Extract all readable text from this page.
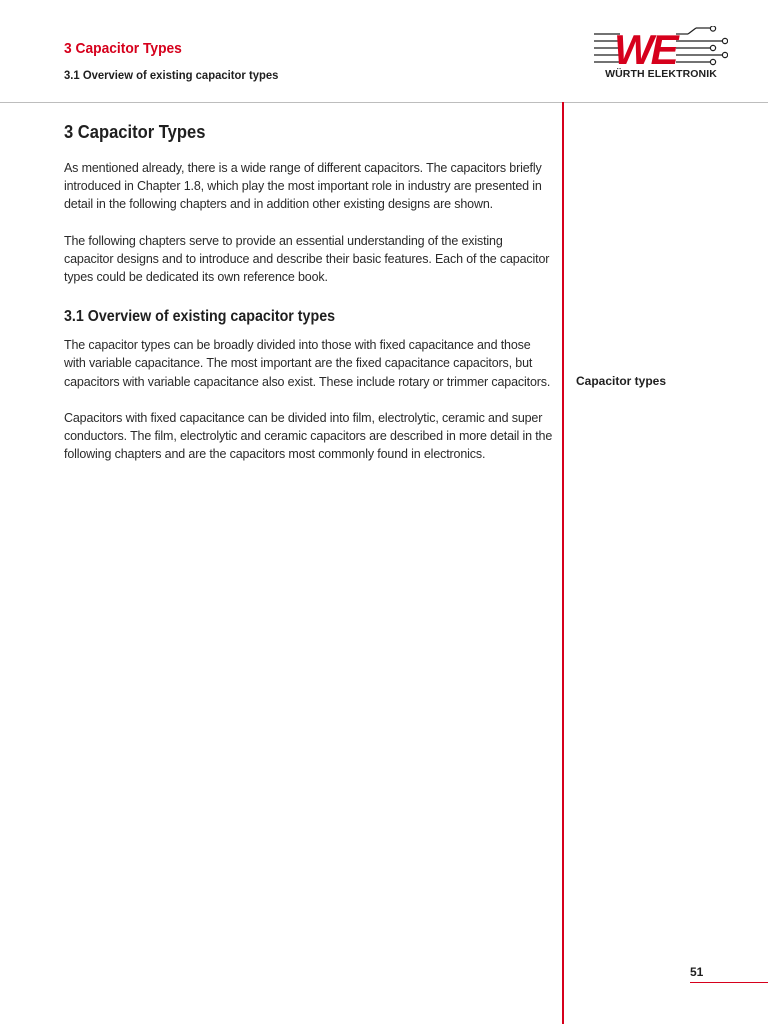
3 Capacitor Types
3.1 Overview of existing capacitor types
WE
WÜRTH ELEKTRONIK
3 Capacitor Types

As mentioned already, there is a wide range of different capacitors. The capacitors briefly introduced in Chapter 1.8, which play the most important role in industry are presented in detail in the following chapters and in addition other existing designs are shown.

The following chapters serve to provide an essential understanding of the existing capacitor designs and to introduce and describe their basic features. Each of the capacitor types could be dedicated its own reference book.

3.1 Overview of existing capacitor types

The capacitor types can be broadly divided into those with fixed capacitance and those with variable capacitance. The most important are the fixed capacitance capacitors, but capacitors with variable capacitance also exist. These include rotary or trimmer capacitors.

Capacitors with fixed capacitance can be divided into film, electrolytic, ceramic and super conductors. The film, electrolytic and ceramic capacitors are described in more detail in the following chapters and are the capacitors most commonly found in electronics.

Capacitor types
51
